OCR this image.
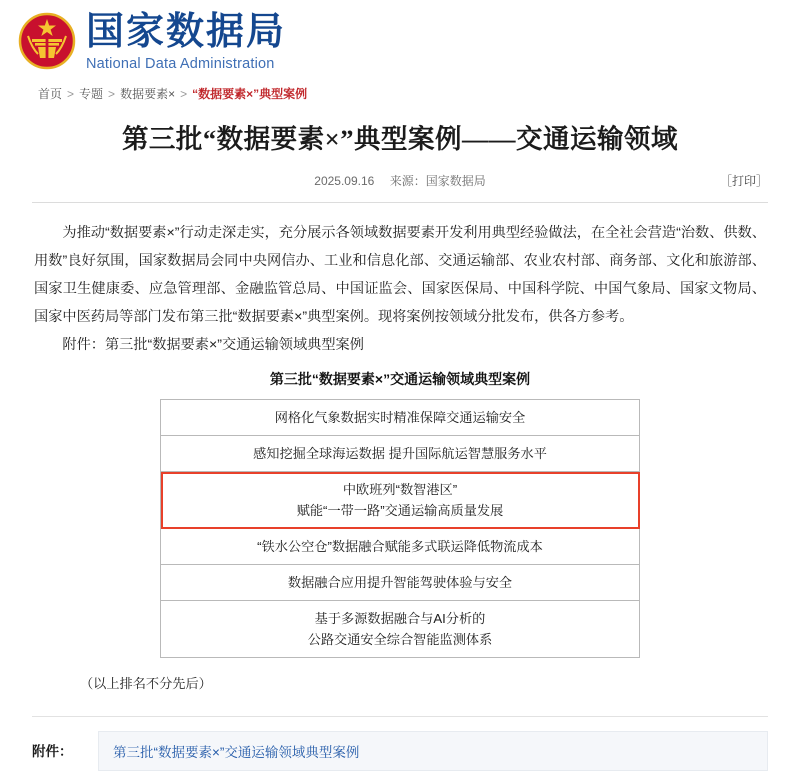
国家数据局
National Data Administration
首页 > 专题 > 数据要素× > “数据要素×”典型案例
第三批“数据要素×”典型案例——交通运输领域
2025.09.16 来源：国家数据局	［打印］

为推动“数据要素×”行动走深走实，充分展示各领域数据要素开发利用典型经验做法，在全社会营造“治数、供数、用数”良好氛围，国家数据局会同中央网信办、工业和信息化部、交通运输部、农业农村部、商务部、文化和旅游部、国家卫生健康委、应急管理部、金融监管总局、中国证监会、国家医保局、中国科学院、中国气象局、国家文物局、国家中医药局等部门发布第三批“数据要素×”典型案例。现将案例按领域分批发布，供各方参考。

附件：第三批“数据要素×”交通运输领域典型案例

第三批“数据要素×”交通运输领域典型案例
网格化气象数据实时精准保障交通运输安全
感知挖掘全球海运数据 提升国际航运智慧服务水平

中欧班列“数智港区”
赋能“一带一路”交通运输高质量发展

“铁水公空仓”数据融合赋能多式联运降低物流成本
数据融合应用提升智能驾驶体验与安全

基于多源数据融合与AI分析的
公路交通安全综合智能监测体系
（以上排名不分先后）
附件：	第三批“数据要素×”交通运输领域典型案例
